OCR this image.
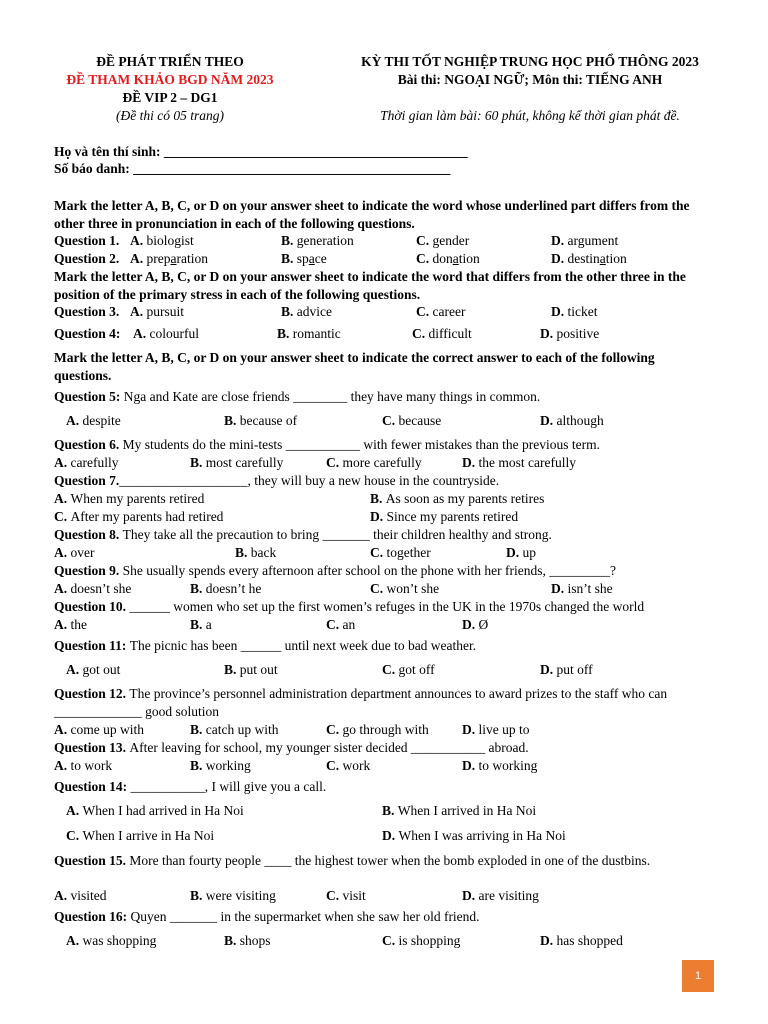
ĐỀ PHÁT TRIỂN THEO
ĐỀ THAM KHẢO BGD NĂM 2023
ĐỀ VIP 2 – DG1
(Đề thi có 05 trang)
KỲ THI TỐT NGHIỆP TRUNG HỌC PHỔ THÔNG 2023
Bài thi: NGOẠI NGỮ; Môn thi: TIẾNG ANH
Thời gian làm bài: 60 phút, không kể thời gian phát đề.
Họ và tên thí sinh: _____________________________________________
Số báo danh: _______________________________________________
Mark the letter A, B, C, or D on your answer sheet to indicate the word whose underlined part differs from the other three in pronunciation in each of the following questions.
Question 1. A. biologist	B. generation	C. gender	D. argument
Question 2. A. preparation	B. space	C. donation	D. destination
Mark the letter A, B, C, or D on your answer sheet to indicate the word that differs from the other three in the position of the primary stress in each of the following questions.
Question 3. A. pursuit	B. advice	C. career	D. ticket
Question 4: A. colourful	B. romantic	C. difficult	D. positive
Mark the letter A, B, C, or D on your answer sheet to indicate the correct answer to each of the following questions.
Question 5: Nga and Kate are close friends ________ they have many things in common.
A. despite	B. because of	C. because	D. although
Question 6. My students do the mini-tests ___________ with fewer mistakes than the previous term.
A. carefully	B. most carefully	C. more carefully	D. the most carefully
Question 7.___________________, they will buy a new house in the countryside.
A. When my parents retired	B. As soon as my parents retires
C. After my parents had retired	D. Since my parents retired
Question 8. They take all the precaution to bring _______ their children healthy and strong.
A. over	B. back	C. together	D. up
Question 9. She usually spends every afternoon after school on the phone with her friends, _________?
A. doesn’t she	B. doesn’t he	C. won’t she	D. isn’t she
Question 10. ______ women who set up the first women’s refuges in the UK in the 1970s changed the world
A. the	B. a	C. an	D. Ø
Question 11: The picnic has been ______ until next week due to bad weather.
A. got out	B. put out	C. got off	D. put off
Question 12. The province’s personnel administration department announces to award prizes to the staff who can _____________ good solution
A. come up with	B. catch up with	C. go through with D. live up to
Question 13. After leaving for school, my younger sister decided ___________ abroad.
A. to work	B. working	C. work	D. to working
Question 14: ___________, I will give you a call.
A. When I had arrived in Ha Noi	B. When I arrived in Ha Noi
C. When I arrive in Ha Noi	D. When I was arriving in Ha Noi
Question 15. More than fourty people ____ the highest tower when the bomb exploded in one of the dustbins.
A. visited	B. were visiting	C. visit	D. are visiting
Question 16: Quyen _______ in the supermarket when she saw her old friend.
A. was shopping	B. shops	C. is shopping	D. has shopped
1
